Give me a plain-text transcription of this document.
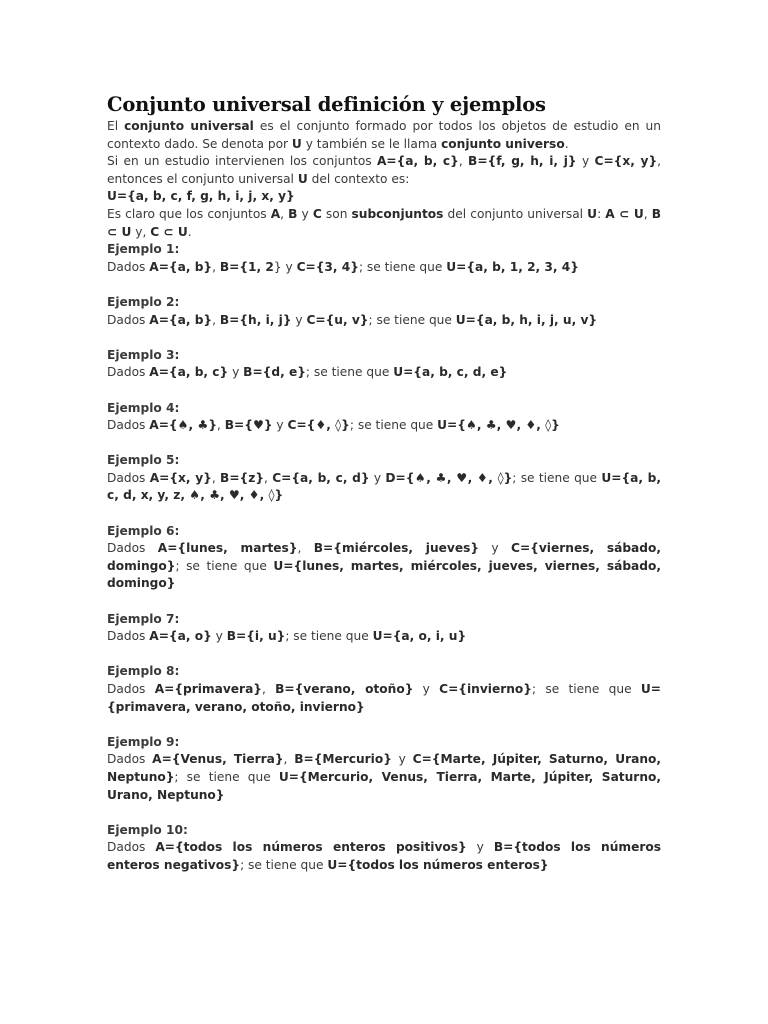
Conjunto universal definición y ejemplos

El conjunto universal es el conjunto formado por todos los objetos de estudio en un contexto dado. Se denota por U y también se le llama conjunto universo.

Si en un estudio intervienen los conjuntos A={a, b, c}, B={f, g, h, i, j} y C={x, y}, entonces el conjunto universal U del contexto es:

U={a, b, c, f, g, h, i, j, x, y}

Es claro que los conjuntos A, B y C son subconjuntos del conjunto universal U: A ⊂ U, B ⊂ U y, C ⊂ U.

Ejemplo 1:

Dados A={a, b}, B={1, 2} y C={3, 4}; se tiene que U={a, b, 1, 2, 3, 4}

Ejemplo 2:

Dados A={a, b}, B={h, i, j} y C={u, v}; se tiene que U={a, b, h, i, j, u, v}

Ejemplo 3:

Dados A={a, b, c} y B={d, e}; se tiene que U={a, b, c, d, e}

Ejemplo 4:

Dados A={♠, ♣}, B={♥} y C={♦, ◊}; se tiene que U={♠, ♣, ♥, ♦, ◊}

Ejemplo 5:

Dados A={x, y}, B={z}, C={a, b, c, d} y D={♠, ♣, ♥, ♦, ◊}; se tiene que U={a, b, c, d, x, y, z, ♠, ♣, ♥, ♦, ◊}

Ejemplo 6:

Dados A={lunes, martes}, B={miércoles, jueves} y C={viernes, sábado, domingo}; se tiene que U={lunes, martes, miércoles, jueves, viernes, sábado, domingo}

Ejemplo 7:

Dados A={a, o} y B={i, u}; se tiene que U={a, o, i, u}

Ejemplo 8:

Dados A={primavera}, B={verano, otoño} y C={invierno}; se tiene que U={primavera, verano, otoño, invierno}

Ejemplo 9:

Dados A={Venus, Tierra}, B={Mercurio} y C={Marte, Júpiter, Saturno, Urano, Neptuno}; se tiene que U={Mercurio, Venus, Tierra, Marte, Júpiter, Saturno, Urano, Neptuno}

Ejemplo 10:

Dados A={todos los números enteros positivos} y B={todos los números enteros negativos}; se tiene que U={todos los números enteros}
